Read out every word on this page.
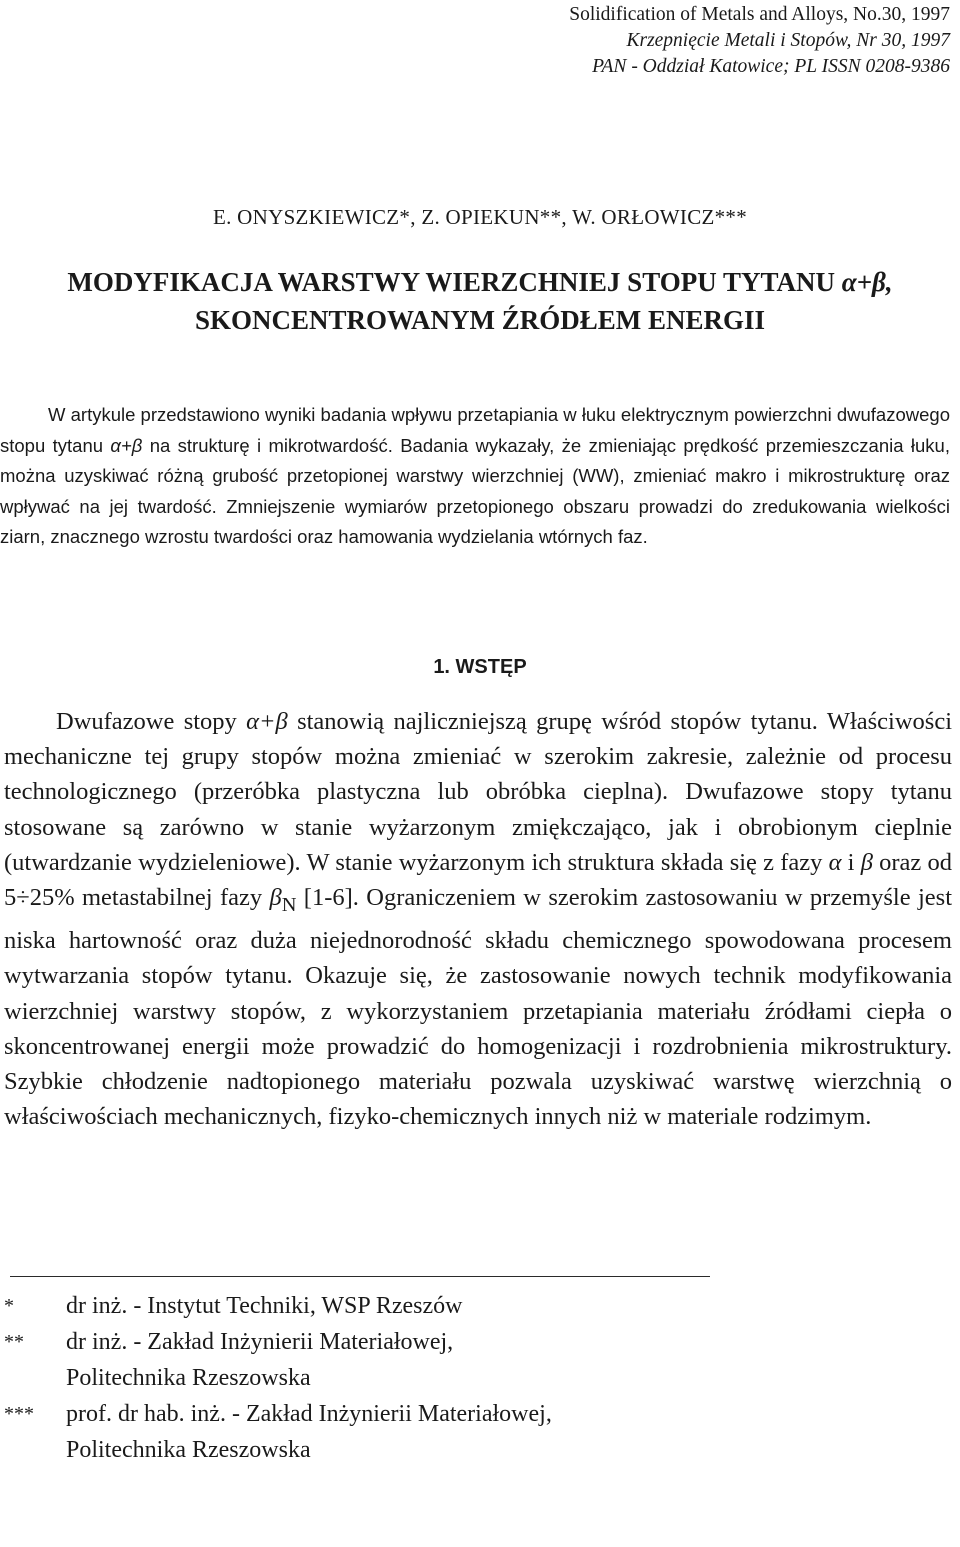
Solidification of Metals and Alloys, No.30, 1997
Krzepnięcie Metali i Stopów, Nr 30, 1997
PAN - Oddział Katowice; PL ISSN 0208-9386
E. ONYSZKIEWICZ*, Z. OPIEKUN**, W. ORŁOWICZ***
MODYFIKACJA WARSTWY WIERZCHNIEJ STOPU TYTANU α+β,
SKONCENTROWANYM ŹRÓDŁEM ENERGII
W artykule przedstawiono wyniki badania wpływu przetapiania w łuku elektrycznym powierzchni dwufazowego stopu tytanu α+β na strukturę i mikrotwardość. Badania wykazały, że zmieniając prędkość przemieszczania łuku, można uzyskiwać różną grubość przetopionej warstwy wierzchniej (WW), zmieniać makro i mikrostrukturę oraz wpływać na jej twardość. Zmniejszenie wymiarów przetopionego obszaru prowadzi do zredukowania wielkości ziarn, znacznego wzrostu twardości oraz hamowania wydzielania wtórnych faz.
1. WSTĘP
Dwufazowe stopy α+β stanowią najliczniejszą grupę wśród stopów tytanu. Właściwości mechaniczne tej grupy stopów można zmieniać w szerokim zakresie, zależnie od procesu technologicznego (przeróbka plastyczna lub obróbka cieplna). Dwufazowe stopy tytanu stosowane są zarówno w stanie wyżarzonym zmiękczająco, jak i obrobionym cieplnie (utwardzanie wydzieleniowe). W stanie wyżarzonym ich struktura składa się z fazy α i β oraz od 5÷25% metastabilnej fazy $\beta_N$ [1-6]. Ograniczeniem w szerokim zastosowaniu w przemyśle jest niska hartowność oraz duża niejednorodność składu chemicznego spowodowana procesem wytwarzania stopów tytanu. Okazuje się, że zastosowanie nowych technik modyfikowania wierzchniej warstwy stopów, z wykorzystaniem przetapiania materiału źródłami ciepła o skoncentrowanej energii może prowadzić do homogenizacji i rozdrobnienia mikrostruktury. Szybkie chłodzenie nadtopionego materiału pozwala uzyskiwać warstwę wierzchnią o właściwościach mechanicznych, fizyko-chemicznych innych niż w materiale rodzimym.
*	dr inż. - Instytut Techniki, WSP Rzeszów
**	dr inż. - Zakład Inżynierii Materiałowej,
Politechnika Rzeszowska
***	prof. dr hab. inż. - Zakład Inżynierii Materiałowej,
Politechnika Rzeszowska
